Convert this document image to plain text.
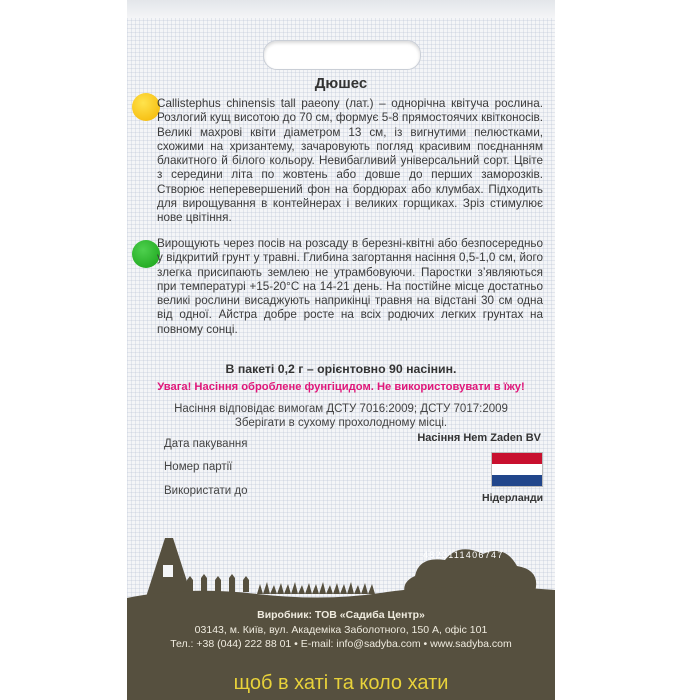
Дюшес
Callistephus chinensis tall paeony (лат.) – однорічна квітуча рослина. Розлогий кущ висотою до 70 см, формує 5-8 прямостоячих квітконосів. Великі махрові квіти діаметром 13 см, із вигнутими пелюстками, схожими на хризантему, зачаровують погляд красивим поєднанням блакитного й білого кольору. Невибагливий універсальний сорт. Цвіте з середини літа по жовтень або довше до перших заморозків. Створює неперевершений фон на бордюрах або клумбах. Підходить для вирощування в контейнерах і великих горщиках. Зріз стимулює нове цвітіння.
Вирощують через посів на розсаду в березні-квітні або безпосередньо у відкритий грунт у травні. Глибина загортання насіння 0,5-1,0 см, його злегка присипають землею не утрамбовуючи. Паростки з’являються при температурі +15-20°С на 14-21 день. На постійне місце достатньо великі рослини висаджують наприкінці травня на відстані 30 см одна від одної. Айстра добре росте на всіх родючих легких грунтах на повному сонці.
В пакеті 0,2 г – орієнтовно 90 насінин.
Увага! Насіння оброблене фунгіцидом. Не використовувати в їжу!
Насіння відповідає вимогам ДСТУ 7016:2009; ДСТУ 7017:2009
Зберігати в сухому прохолодному місці.
Дата пакування
Номер партії
Використати до
Насіння Hem Zaden BV
Нідерланди
4823111406747
Виробник: ТОВ «Садиба Центр»
03143, м. Київ, вул. Академіка Заболотного, 150 А, офіс 101
Тел.: +38 (044) 222 88 01 • E-mail: info@sadyba.com • www.sadyba.com
щоб в хаті та коло хати
